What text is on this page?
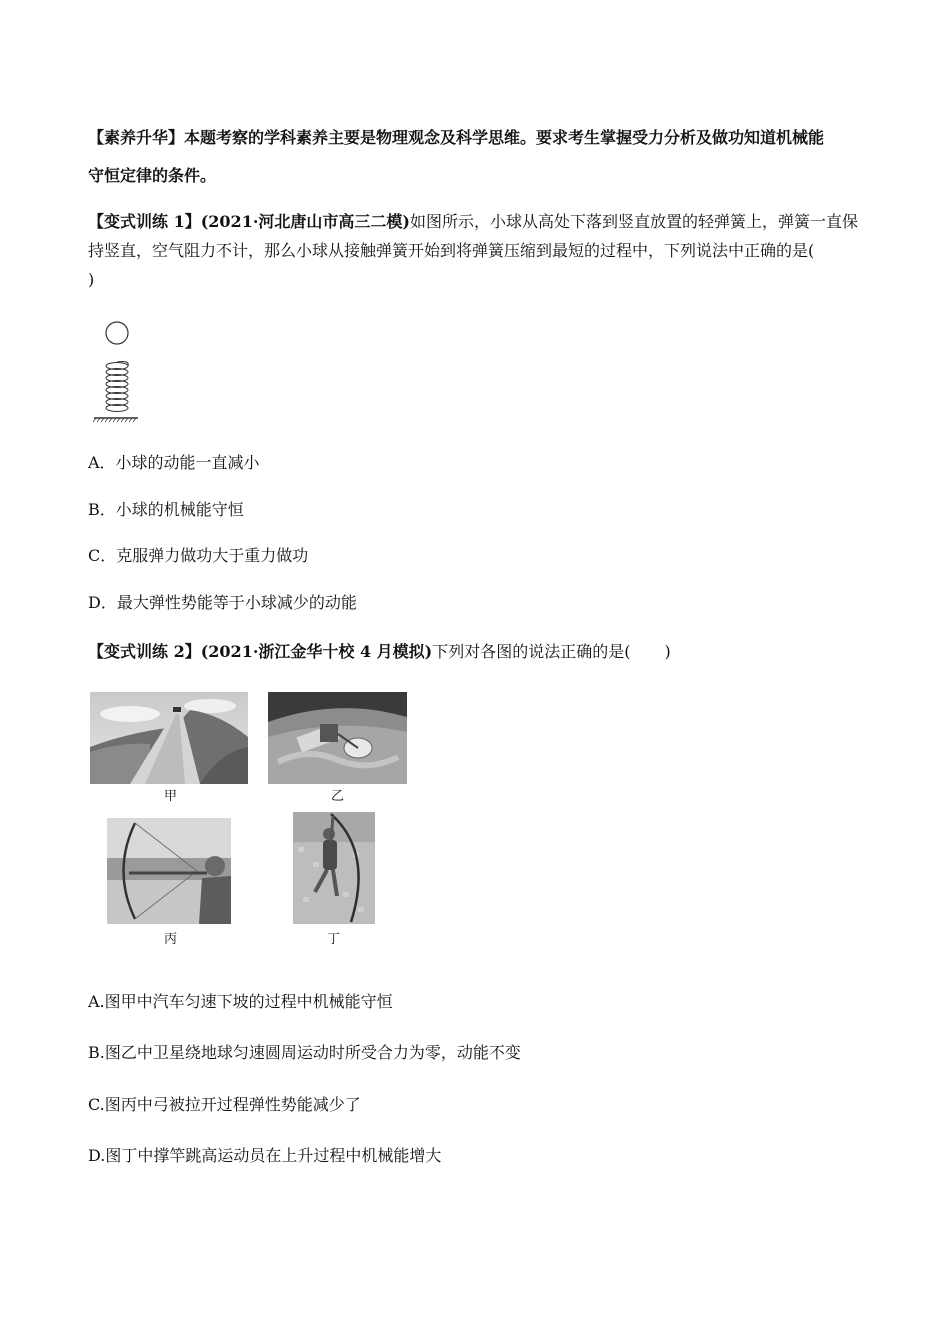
【素养升华】本题考察的学科素养主要是物理观念及科学思维。要求考生掌握受力分析及做功知道机械能
守恒定律的条件。
【变式训练 1】(2021·河北唐山市高三二模)如图所示，小球从高处下落到竖直放置的轻弹簧上，弹簧一直保持竖直，空气阻力不计，那么小球从接触弹簧开始到将弹簧压缩到最短的过程中，下列说法中正确的是(
)
A．小球的动能一直减小
B．小球的机械能守恒
C．克服弹力做功大于重力做功
D．最大弹性势能等于小球减少的动能
【变式训练 2】(2021·浙江金华十校 4 月模拟)下列对各图的说法正确的是( )
甲	乙
丙	丁
A.图甲中汽车匀速下坡的过程中机械能守恒
B.图乙中卫星绕地球匀速圆周运动时所受合力为零，动能不变
C.图丙中弓被拉开过程弹性势能减少了
D.图丁中撑竿跳高运动员在上升过程中机械能增大
